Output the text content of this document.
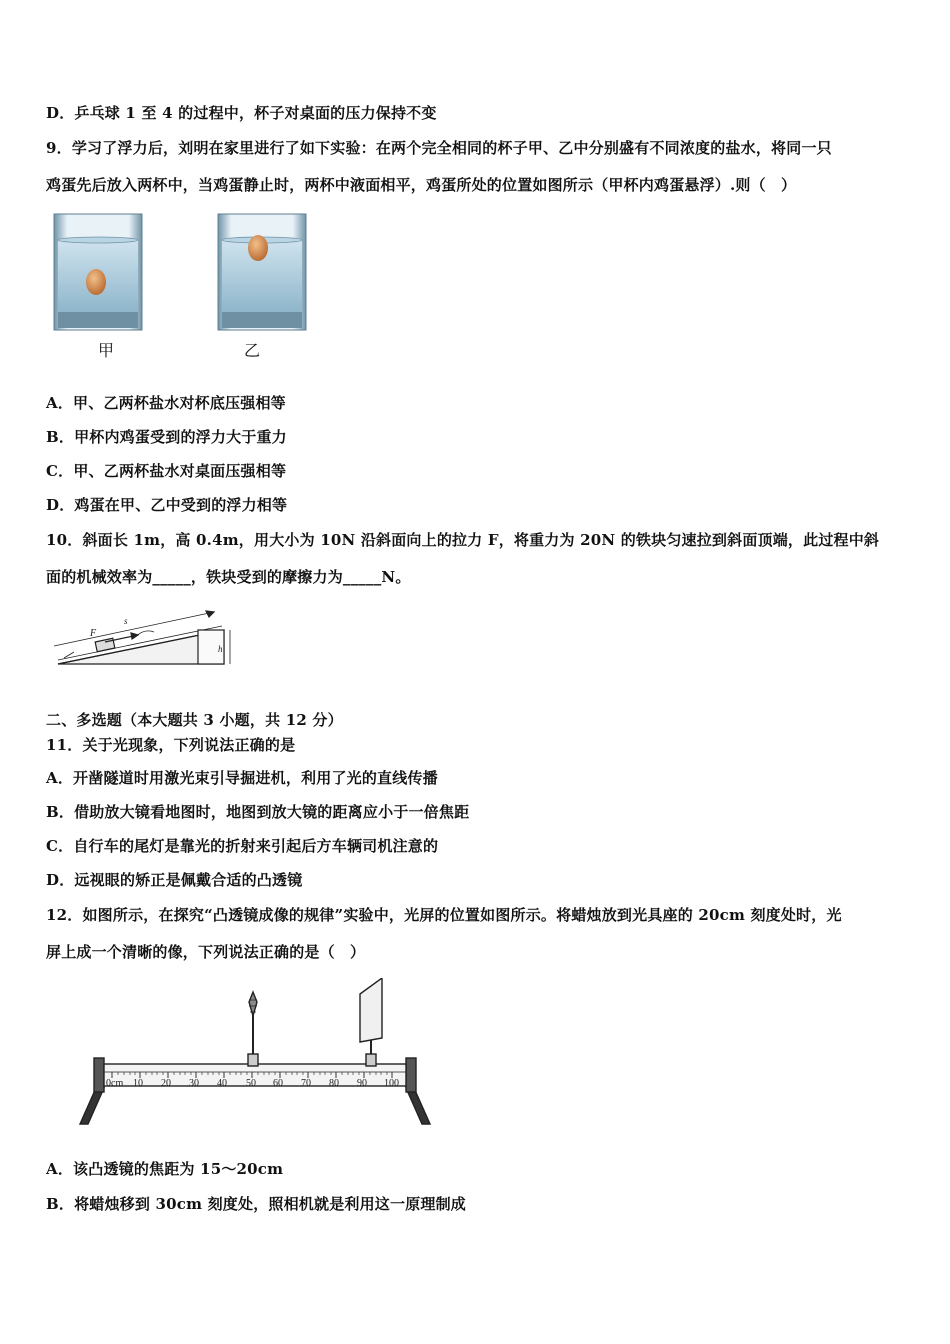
D．乒乓球 1 至 4 的过程中，杯子对桌面的压力保持不变
9．学习了浮力后，刘明在家里进行了如下实验：在两个完全相同的杯子甲、乙中分别盛有不同浓度的盐水，将同一只
鸡蛋先后放入两杯中，当鸡蛋静止时，两杯中液面相平，鸡蛋所处的位置如图所示（甲杯内鸡蛋悬浮）.则（　）
甲	乙
A．甲、乙两杯盐水对杯底压强相等
B．甲杯内鸡蛋受到的浮力大于重力
C．甲、乙两杯盐水对桌面压强相等
D．鸡蛋在甲、乙中受到的浮力相等
10．斜面长 1m，高 0.4m，用大小为 10N 沿斜面向上的拉力 F，将重力为 20N 的铁块匀速拉到斜面顶端，此过程中斜
面的机械效率为_____，铁块受到的摩擦力为_____N。
F
s
h
二、多选题（本大题共 3 小题，共 12 分）
11．关于光现象，下列说法正确的是
A．开凿隧道时用激光束引导掘进机，利用了光的直线传播
B．借助放大镜看地图时，地图到放大镜的距离应小于一倍焦距
C．自行车的尾灯是靠光的折射来引起后方车辆司机注意的
D．远视眼的矫正是佩戴合适的凸透镜
12．如图所示，在探究“凸透镜成像的规律”实验中，光屏的位置如图所示。将蜡烛放到光具座的 20cm 刻度处时，光
屏上成一个清晰的像，下列说法正确的是（　）
0cm 10 20 30 40 50 60 70 80 90 100
A．该凸透镜的焦距为 15～20cm
B．将蜡烛移到 30cm 刻度处，照相机就是利用这一原理制成
